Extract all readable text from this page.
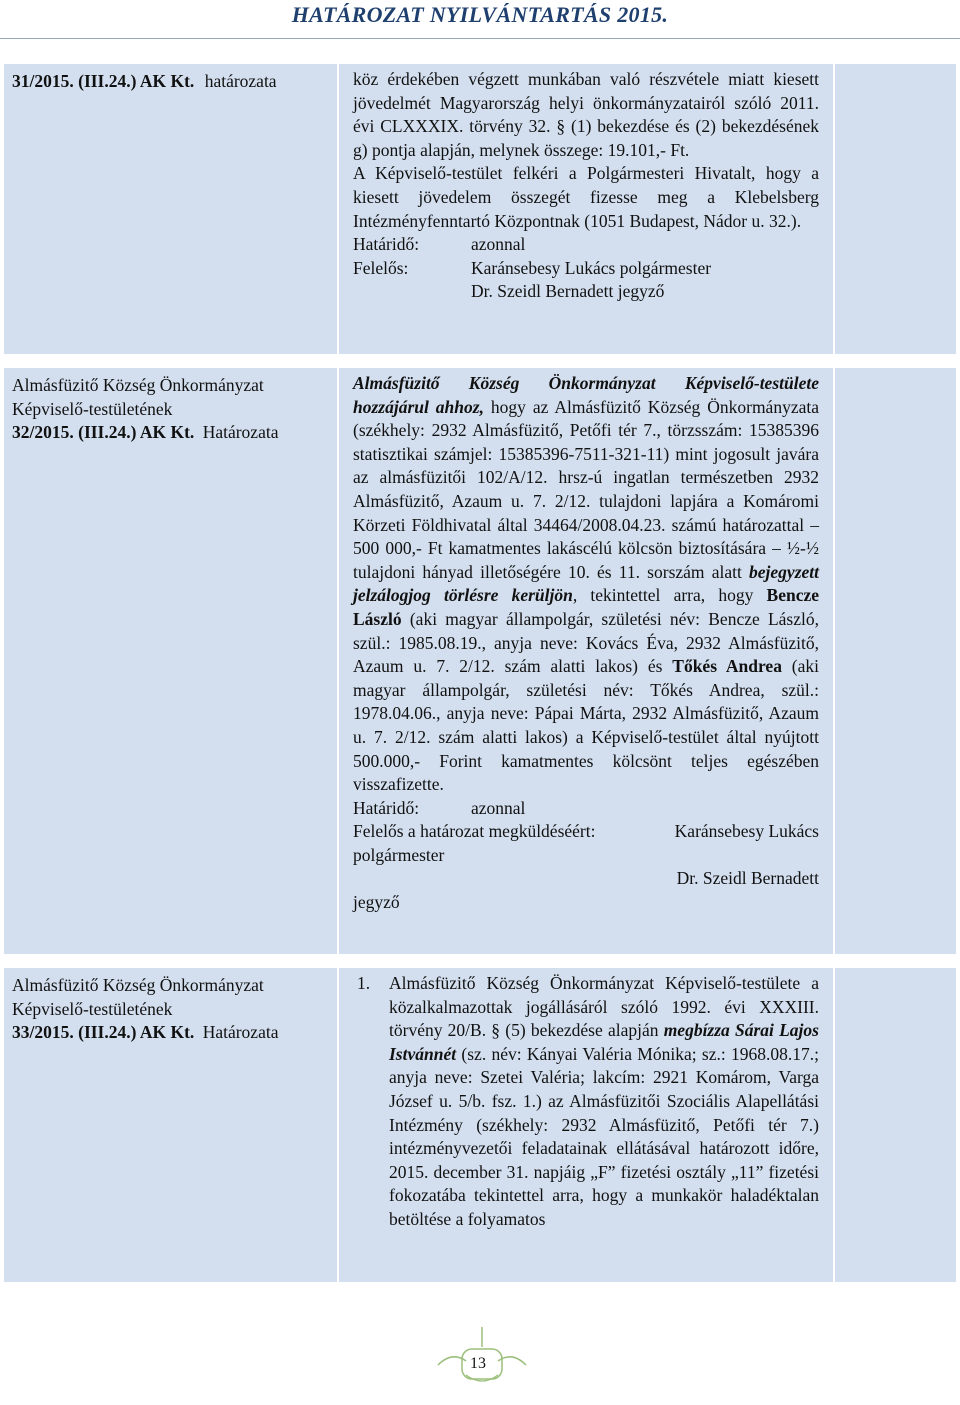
HATÁROZAT NYILVÁNTARTÁS 2015.
31/2015. (III.24.) AK Kt. határozata	köz érdekében végzett munkában való részvétele miatt kiesett jövedelmét Magyarország helyi önkormányzatairól szóló 2011. évi CLXXXIX. törvény 32. § (1) bekezdése és (2) bekezdésének g) pontja alapján, melynek összege: 19.101,- Ft.
A Képviselő-testület felkéri a Polgármesteri Hivatalt, hogy a kiesett jövedelem összegét fizesse meg a Klebelsberg Intézményfenntartó Központnak (1051 Budapest, Nádor u. 32.).
Határidő:	azonnal
Felelős:	Karánsebesy Lukács polgármester
Dr. Szeidl Bernadett jegyző
Almásfüzitő Község Önkormányzat
Képviselő-testületének
32/2015. (III.24.) AK Kt. Határozata
Almásfüzitő Község Önkormányzat Képviselő-testülete hozzájárul ahhoz, hogy az Almásfüzitő Község Önkormányzata (székhely: 2932 Almásfüzitő, Petőfi tér 7., törzsszám: 15385396 statisztikai számjel: 15385396-7511-321-11) mint jogosult javára az almásfüzitői 102/A/12. hrsz-ú ingatlan természetben 2932 Almásfüzitő, Azaum u. 7. 2/12. tulajdoni lapjára a Komáromi Körzeti Földhivatal által 34464/2008.04.23. számú határozattal – 500 000,- Ft kamatmentes lakáscélú kölcsön biztosítására – ½-½ tulajdoni hányad illetőségére 10. és 11. sorszám alatt bejegyzett jelzálogjog törlésre kerüljön, tekintettel arra, hogy Bencze László (aki magyar állampolgár, születési név: Bencze László, szül.: 1985.08.19., anyja neve: Kovács Éva, 2932 Almásfüzitő, Azaum u. 7. 2/12. szám alatti lakos) és Tőkés Andrea (aki magyar állampolgár, születési név: Tőkés Andrea, szül.: 1978.04.06., anyja neve: Pápai Márta, 2932 Almásfüzitő, Azaum u. 7. 2/12. szám alatti lakos) a Képviselő-testület által nyújtott 500.000,- Forint kamatmentes kölcsönt teljes egészében visszafizette.
Határidő:	azonnal
Felelős a határozat megküldéséért:	Karánsebesy Lukács
polgármester
Dr. Szeidl Bernadett
jegyző
Almásfüzitő Község Önkormányzat
Képviselő-testületének
33/2015. (III.24.) AK Kt. Határozata
1.	Almásfüzitő Község Önkormányzat Képviselő-testülete a közalkalmazottak jogállásáról szóló 1992. évi XXXIII. törvény 20/B. § (5) bekezdése alapján megbízza Sárai Lajos Istvánnét (sz. név: Kányai Valéria Mónika; sz.: 1968.08.17.; anyja neve: Szetei Valéria; lakcím: 2921 Komárom, Varga József u. 5/b. fsz. 1.) az Almásfüzitői Szociális Alapellátási Intézmény (székhely: 2932 Almásfüzitő, Petőfi tér 7.) intézményvezetői feladatainak ellátásával határozott időre, 2015. december 31. napjáig „F” fizetési osztály „11” fizetési fokozatába tekintettel arra, hogy a munkakör haladéktalan betöltése a folyamatos
13
